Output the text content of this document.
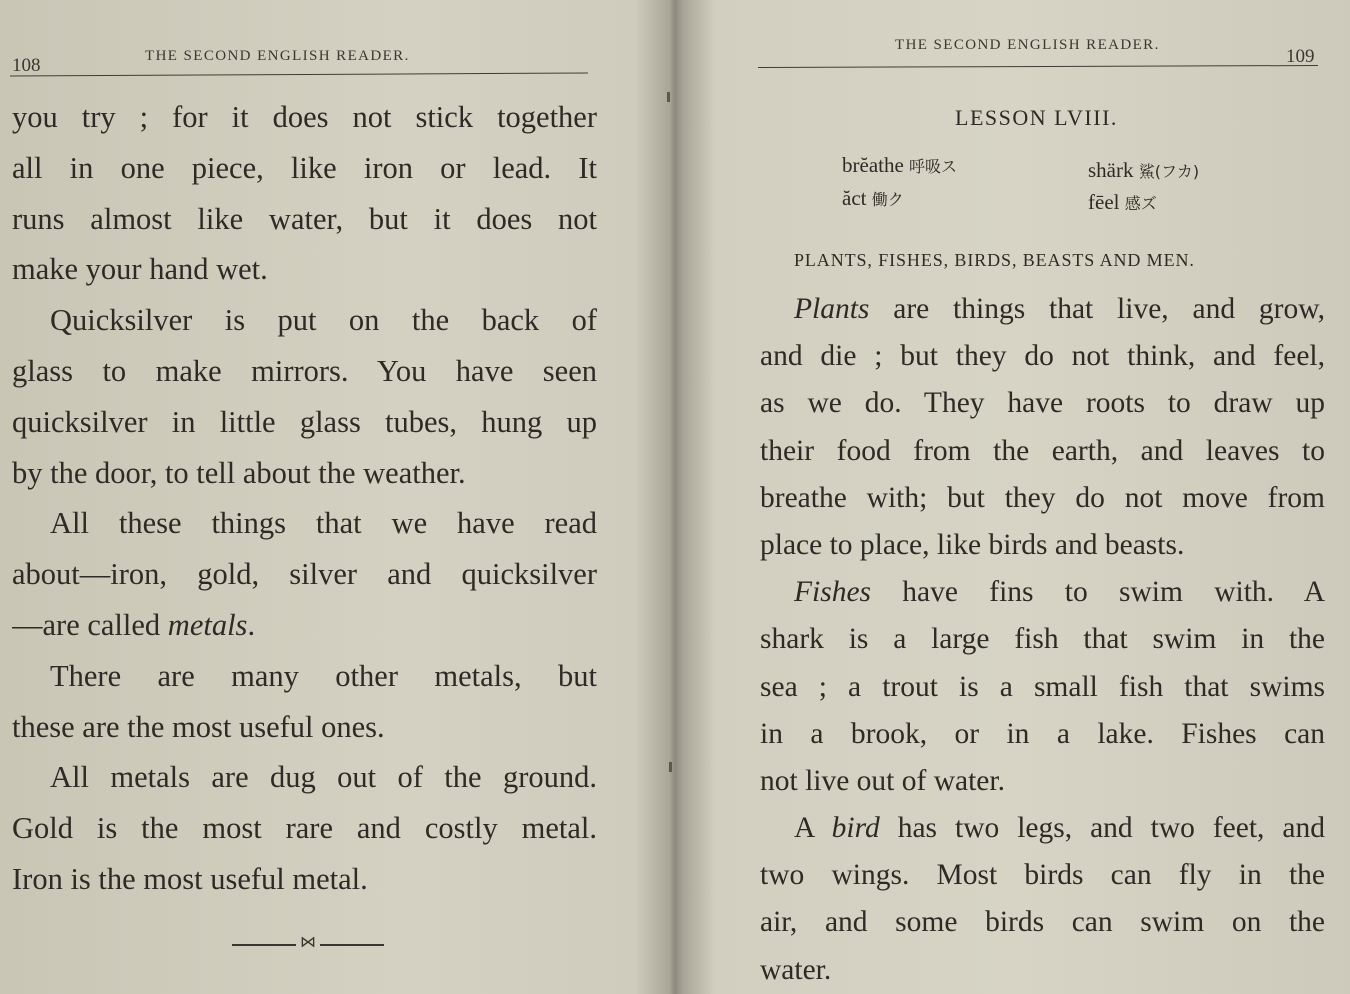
108	THE SECOND ENGLISH READER.
you try ; for it does not stick together
all in one piece, like iron or lead. It
runs almost like water, but it does not
make your hand wet.
Quicksilver is put on the back of
glass to make mirrors. You have seen
quicksilver in little glass tubes, hung up
by the door, to tell about the weather.
All these things that we have read
about—iron, gold, silver and quicksilver
—are called metals.
There are many other metals, but
these are the most useful ones.
All metals are dug out of the ground.
Gold is the most rare and costly metal.
Iron is the most useful metal.
⋈
THE SECOND ENGLISH READER.
109
LESSON LVIII.
brĕathe 呼吸ス	shärk 鯊(フカ)
ăct 働ク	fēel 感ズ
PLANTS, FISHES, BIRDS, BEASTS AND MEN.
Plants are things that live, and grow,
and die ; but they do not think, and feel,
as we do. They have roots to draw up
their food from the earth, and leaves to
breathe with; but they do not move from
place to place, like birds and beasts.
Fishes have fins to swim with. A
shark is a large fish that swim in the
sea ; a trout is a small fish that swims
in a brook, or in a lake. Fishes can
not live out of water.
A bird has two legs, and two feet, and
two wings. Most birds can fly in the
air, and some birds can swim on the
water.
